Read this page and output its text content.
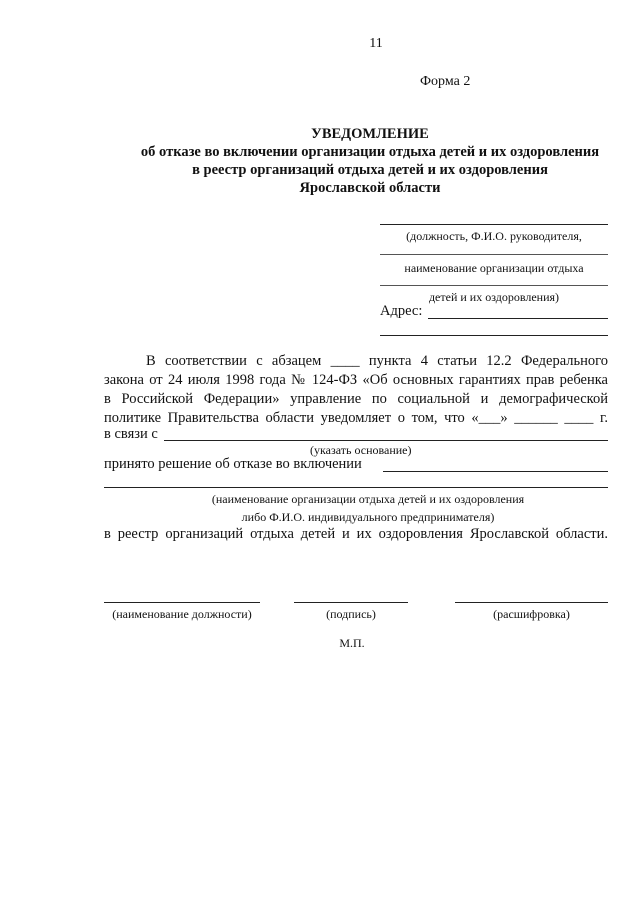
11
Форма 2
УВЕДОМЛЕНИЕ
об отказе во включении организации отдыха детей и их оздоровления
в реестр организаций отдыха детей и их оздоровления
Ярославской области
(должность, Ф.И.О. руководителя,
наименование организации отдыха
детей и их оздоровления)
Адрес:
В соответствии с абзацем ____ пункта 4 статьи 12.2 Федерального
закона от 24 июля 1998 года № 124-ФЗ «Об основных гарантиях прав ребенка
в Российской Федерации» управление по социальной и демографической
политике Правительства области уведомляет о том, что «___» ______ ____ г.
в связи с
(указать основание)
принято решение об отказе во включении
(наименование организации отдыха детей и их оздоровления
либо Ф.И.О. индивидуального предпринимателя)
в реестр организаций отдыха детей и их оздоровления Ярославской области.
(наименование должности)	(подпись)	(расшифровка)
М.П.
